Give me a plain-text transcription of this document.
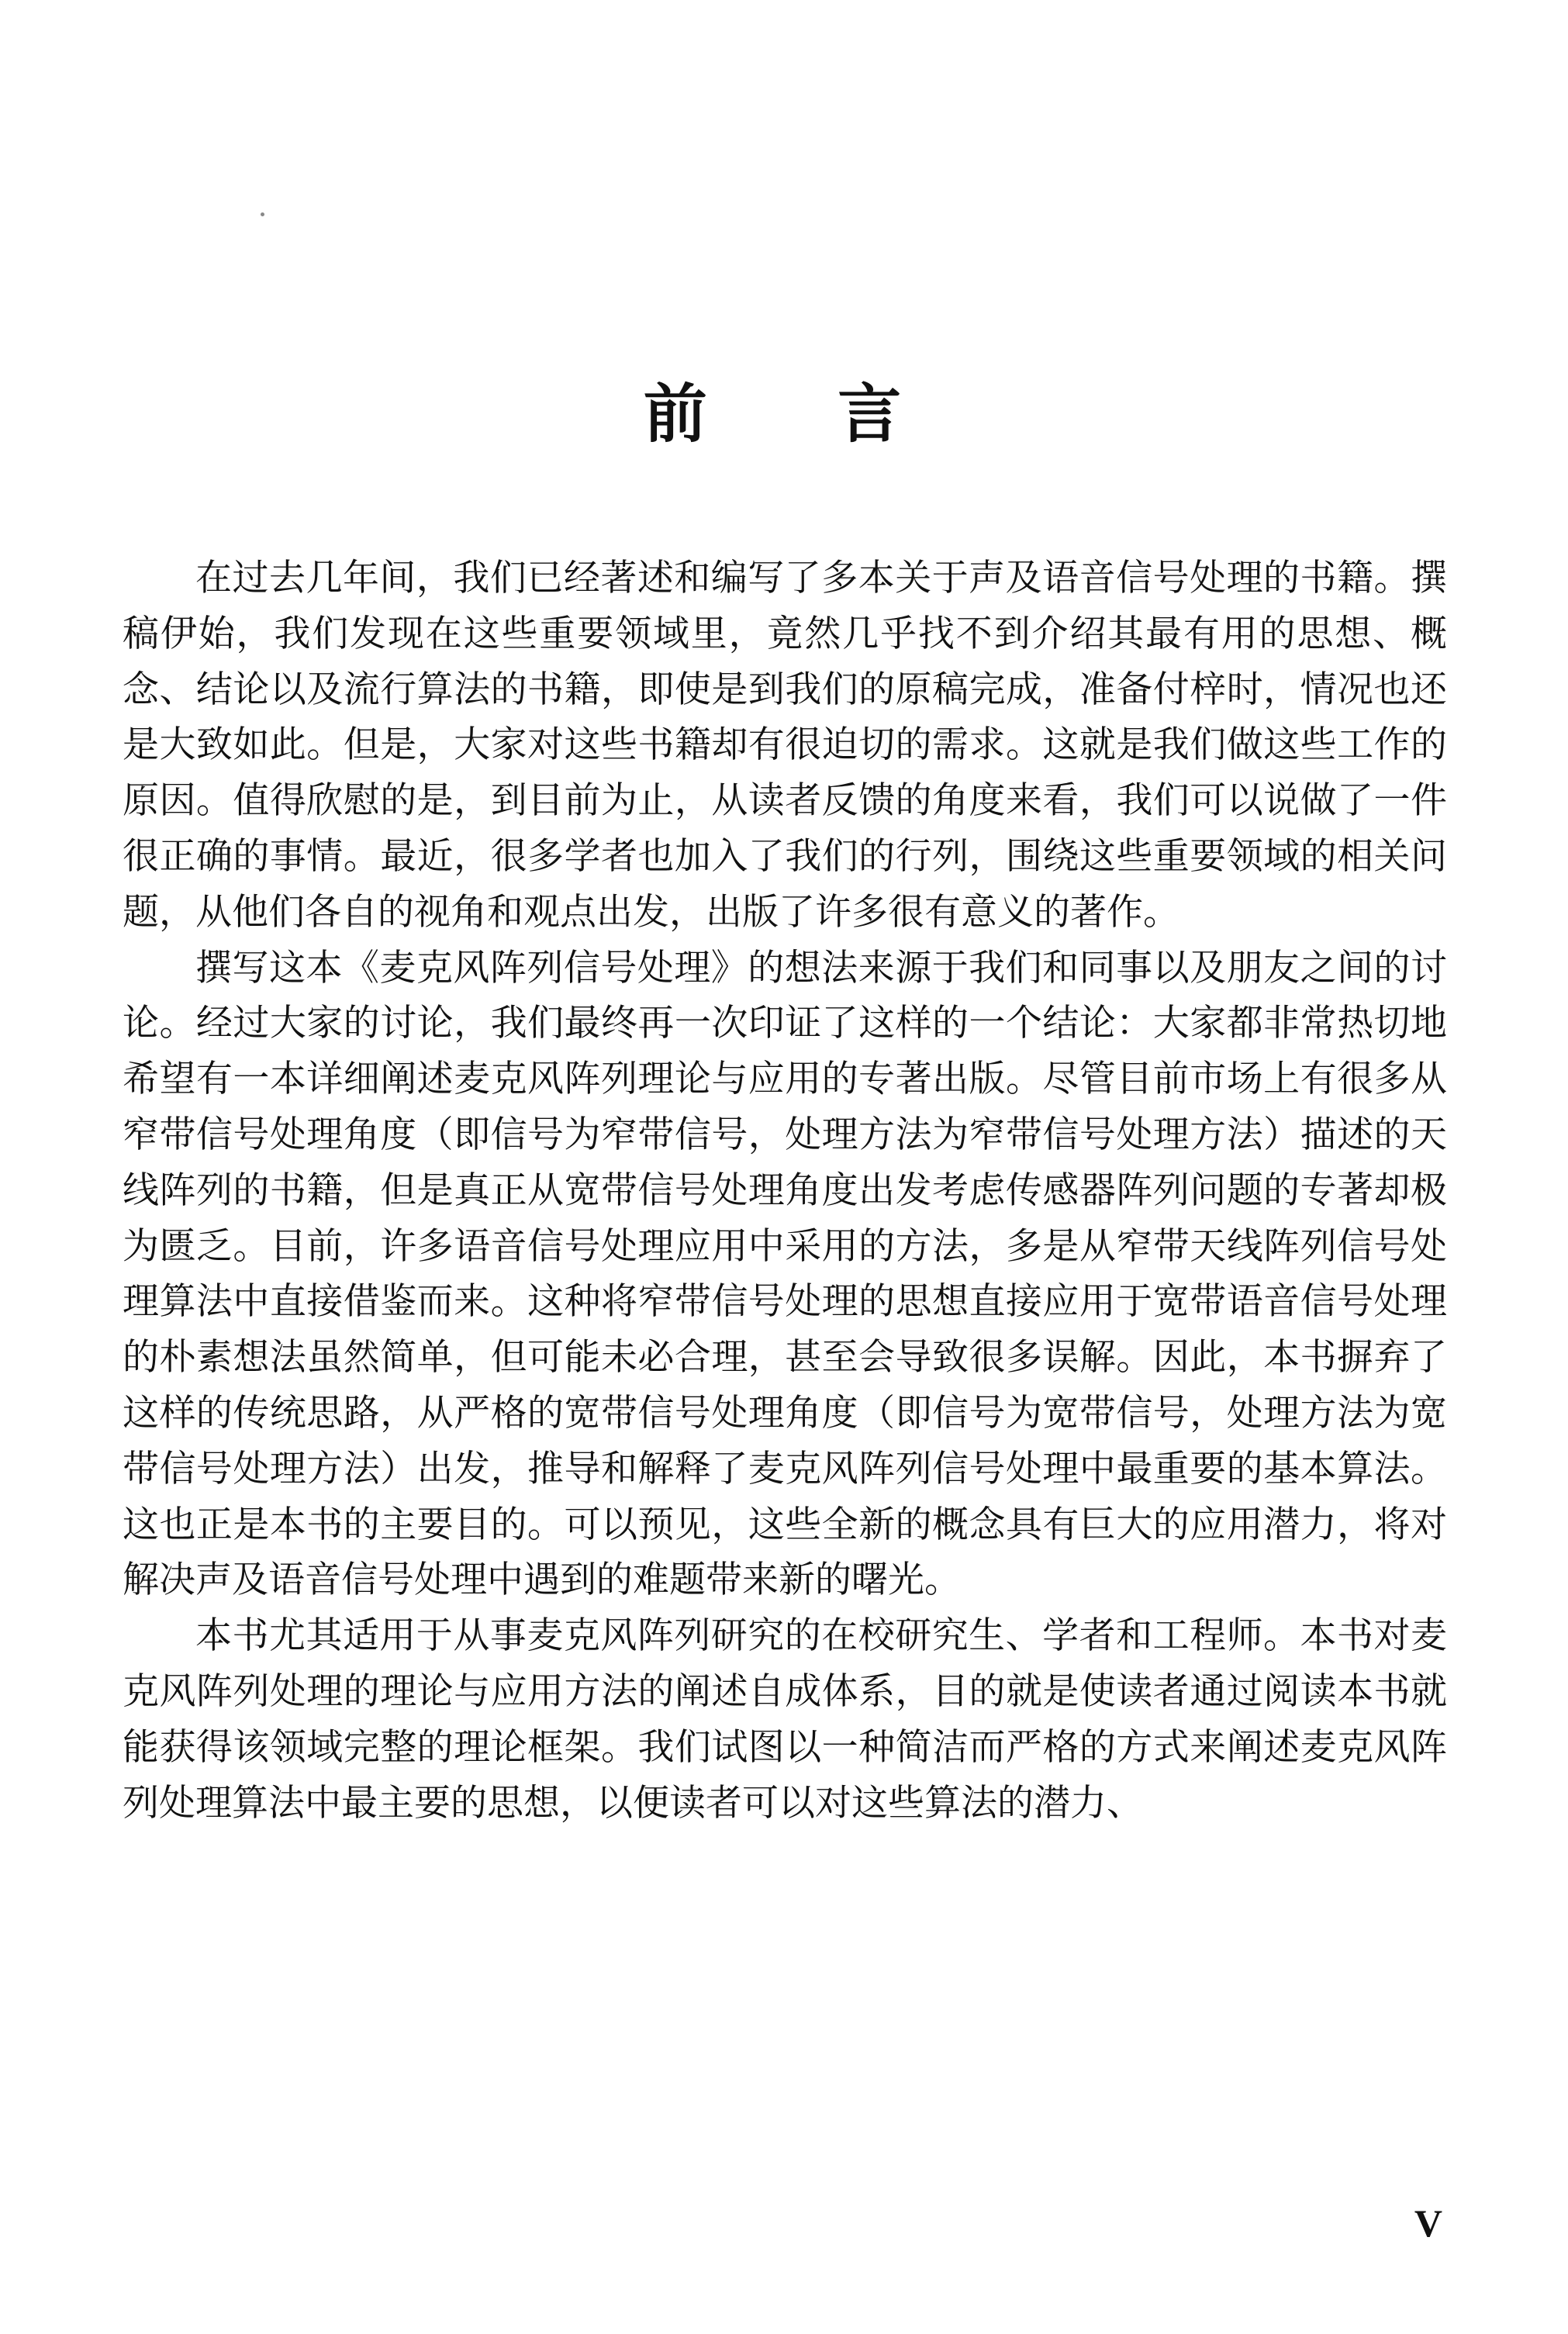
前 言

在过去几年间，我们已经著述和编写了多本关于声及语音信号处理的书籍。撰稿伊始，我们发现在这些重要领域里，竟然几乎找不到介绍其最有用的思想、概念、结论以及流行算法的书籍，即使是到我们的原稿完成，准备付梓时，情况也还是大致如此。但是，大家对这些书籍却有很迫切的需求。这就是我们做这些工作的原因。值得欣慰的是，到目前为止，从读者反馈的角度来看，我们可以说做了一件很正确的事情。最近，很多学者也加入了我们的行列，围绕这些重要领域的相关问题，从他们各自的视角和观点出发，出版了许多很有意义的著作。

撰写这本《麦克风阵列信号处理》的想法来源于我们和同事以及朋友之间的讨论。经过大家的讨论，我们最终再一次印证了这样的一个结论：大家都非常热切地希望有一本详细阐述麦克风阵列理论与应用的专著出版。尽管目前市场上有很多从窄带信号处理角度（即信号为窄带信号，处理方法为窄带信号处理方法）描述的天线阵列的书籍，但是真正从宽带信号处理角度出发考虑传感器阵列问题的专著却极为匮乏。目前，许多语音信号处理应用中采用的方法，多是从窄带天线阵列信号处理算法中直接借鉴而来。这种将窄带信号处理的思想直接应用于宽带语音信号处理的朴素想法虽然简单，但可能未必合理，甚至会导致很多误解。因此，本书摒弃了这样的传统思路，从严格的宽带信号处理角度（即信号为宽带信号，处理方法为宽带信号处理方法）出发，推导和解释了麦克风阵列信号处理中最重要的基本算法。这也正是本书的主要目的。可以预见，这些全新的概念具有巨大的应用潜力，将对解决声及语音信号处理中遇到的难题带来新的曙光。

本书尤其适用于从事麦克风阵列研究的在校研究生、学者和工程师。本书对麦克风阵列处理的理论与应用方法的阐述自成体系，目的就是使读者通过阅读本书就能获得该领域完整的理论框架。我们试图以一种简洁而严格的方式来阐述麦克风阵列处理算法中最主要的思想，以便读者可以对这些算法的潜力、

V
